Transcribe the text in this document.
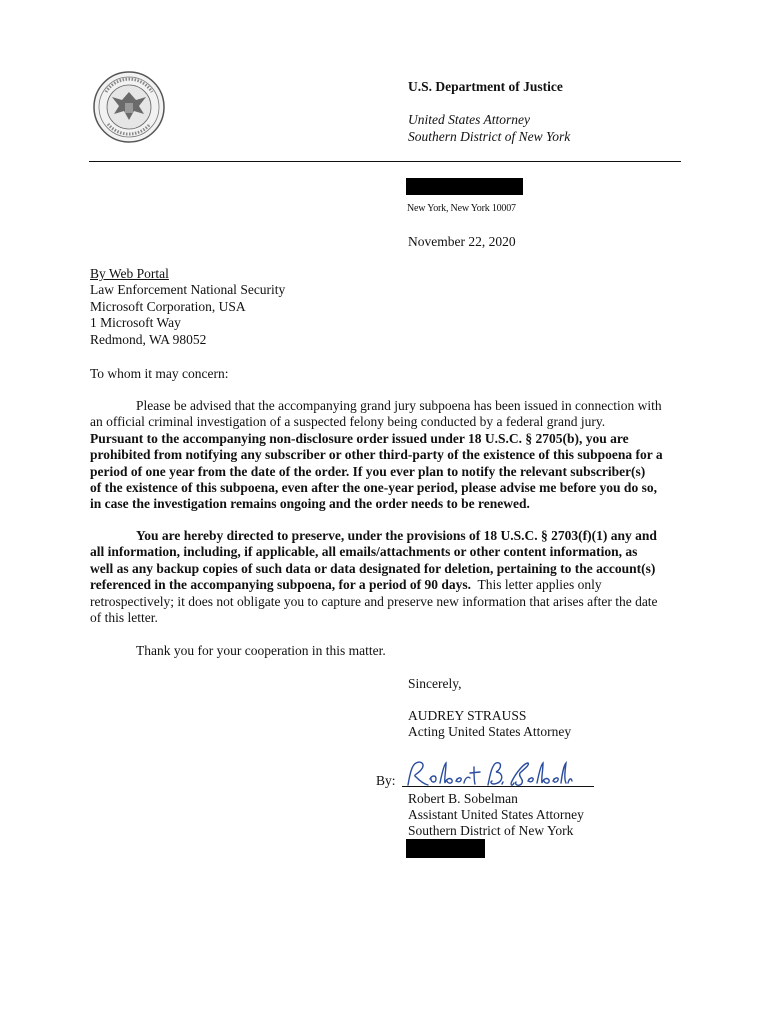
U.S. Department of Justice
United States Attorney
Southern District of New York
New York, New York 10007
November 22, 2020
By Web Portal
Law Enforcement National Security
Microsoft Corporation, USA
1 Microsoft Way
Redmond, WA 98052
To whom it may concern:
Please be advised that the accompanying grand jury subpoena has been issued in connection with
an official criminal investigation of a suspected felony being conducted by a federal grand jury.
Pursuant to the accompanying non-disclosure order issued under 18 U.S.C. § 2705(b), you are
prohibited from notifying any subscriber or other third-party of the existence of this subpoena for a
period of one year from the date of the order. If you ever plan to notify the relevant subscriber(s)
of the existence of this subpoena, even after the one-year period, please advise me before you do so,
in case the investigation remains ongoing and the order needs to be renewed.
You are hereby directed to preserve, under the provisions of 18 U.S.C. § 2703(f)(1) any and
all information, including, if applicable, all emails/attachments or other content information, as
well as any backup copies of such data or data designated for deletion, pertaining to the account(s)
referenced in the accompanying subpoena, for a period of 90 days.  This letter applies only
retrospectively; it does not obligate you to capture and preserve new information that arises after the date
of this letter.
Thank you for your cooperation in this matter.
Sincerely,
AUDREY STRAUSS
Acting United States Attorney
By:
Robert B. Sobelman
Robert B. Sobelman
Assistant United States Attorney
Southern District of New York
